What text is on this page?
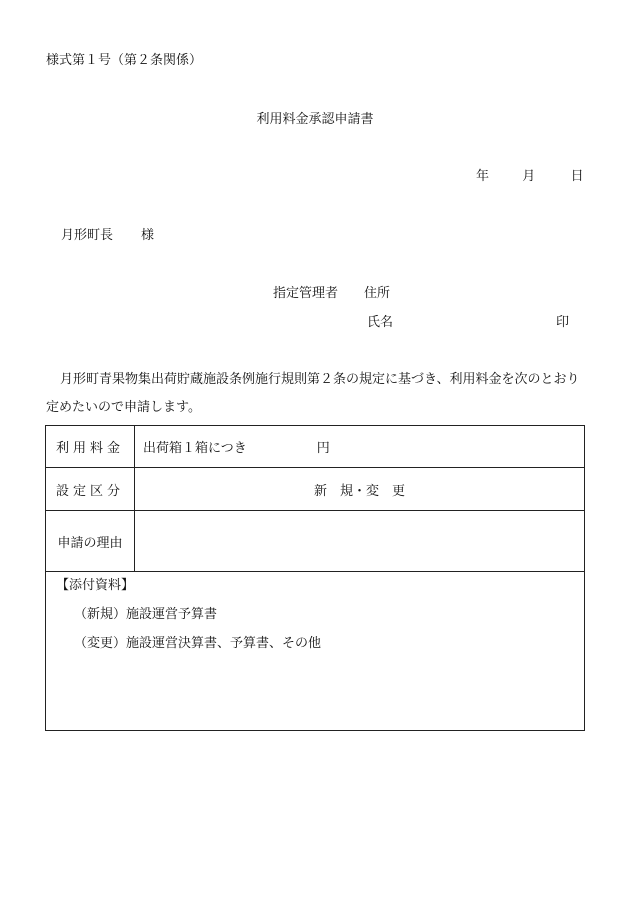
様式第１号（第２条関係）
利用料金承認申請書
年	月	日
月形町長 様
指定管理者 住所
氏名	印
月形町青果物集出荷貯蔵施設条例施行規則第２条の規定に基づき、利用料金を次のとおり定めたいので申請します。
利用料金	出荷箱１箱につき 円
設定区分	新　規・変　更
申請の理由	

【添付資料】
（新規）施設運営予算書
（変更）施設運営決算書、予算書、その他	
